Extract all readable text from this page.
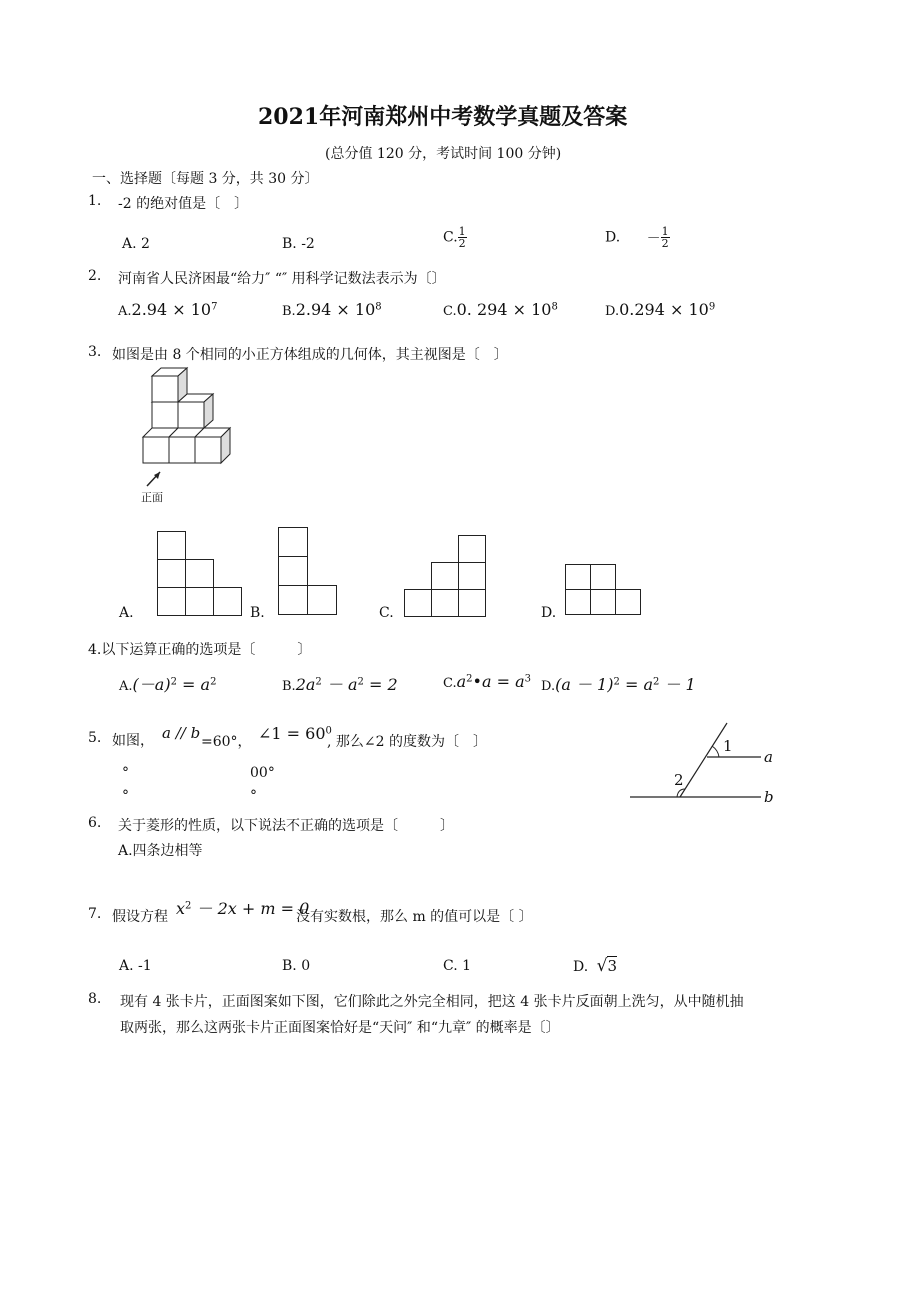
2021年河南郑州中考数学真题及答案
(总分值 120 分，考试时间 100 分钟)
一、选择题〔每题 3 分，共 30 分〕
1. -2 的绝对值是〔　〕
A. 2	B. -2	C. $\frac{1}{2}$	D. － $\frac{1}{2}$
2. 河南省人民济困最“给力″ “″ 用科学记数法表示为〔〕
$A.2.94 \times 10^7$	$B.2.94 \times 10^8$	C.0. $294 \times 10^8$	$D.0.294 \times 10^9$
3. 如图是由 8 个相同的小正方体组成的几何体，其主视图是〔　〕
正面
A.	B.	C.	D.
4.以下运算正确的选项是〔　　　〕
$A.(-a)^2 = a^2$	$B.2a^2 - a^2 = 2$	$C.a^2•a = a^3$
$D.(a - 1)^2 = a^2 - 1$
5. 如图， a // b =60°， ∠1 = $60^0$
, 那么∠2 的度数为〔　〕
°	00°
°	°
1
2
a
b
6. 关于菱形的性质，以下说法不正确的选项是〔　　　〕
A.四条边相等
7. 假设方程 $x^2 - 2x + m = 0$
没有实数根，那么 m 的值可以是〔 〕
A. -1	B. 0	C. 1	D. √3
8. 现有 4 张卡片，正面图案如下图，它们除此之外完全相同，把这 4 张卡片反面朝上洗匀，从中随机抽
取两张，那么这两张卡片正面图案恰好是“天问″ 和“九章″ 的概率是〔〕
